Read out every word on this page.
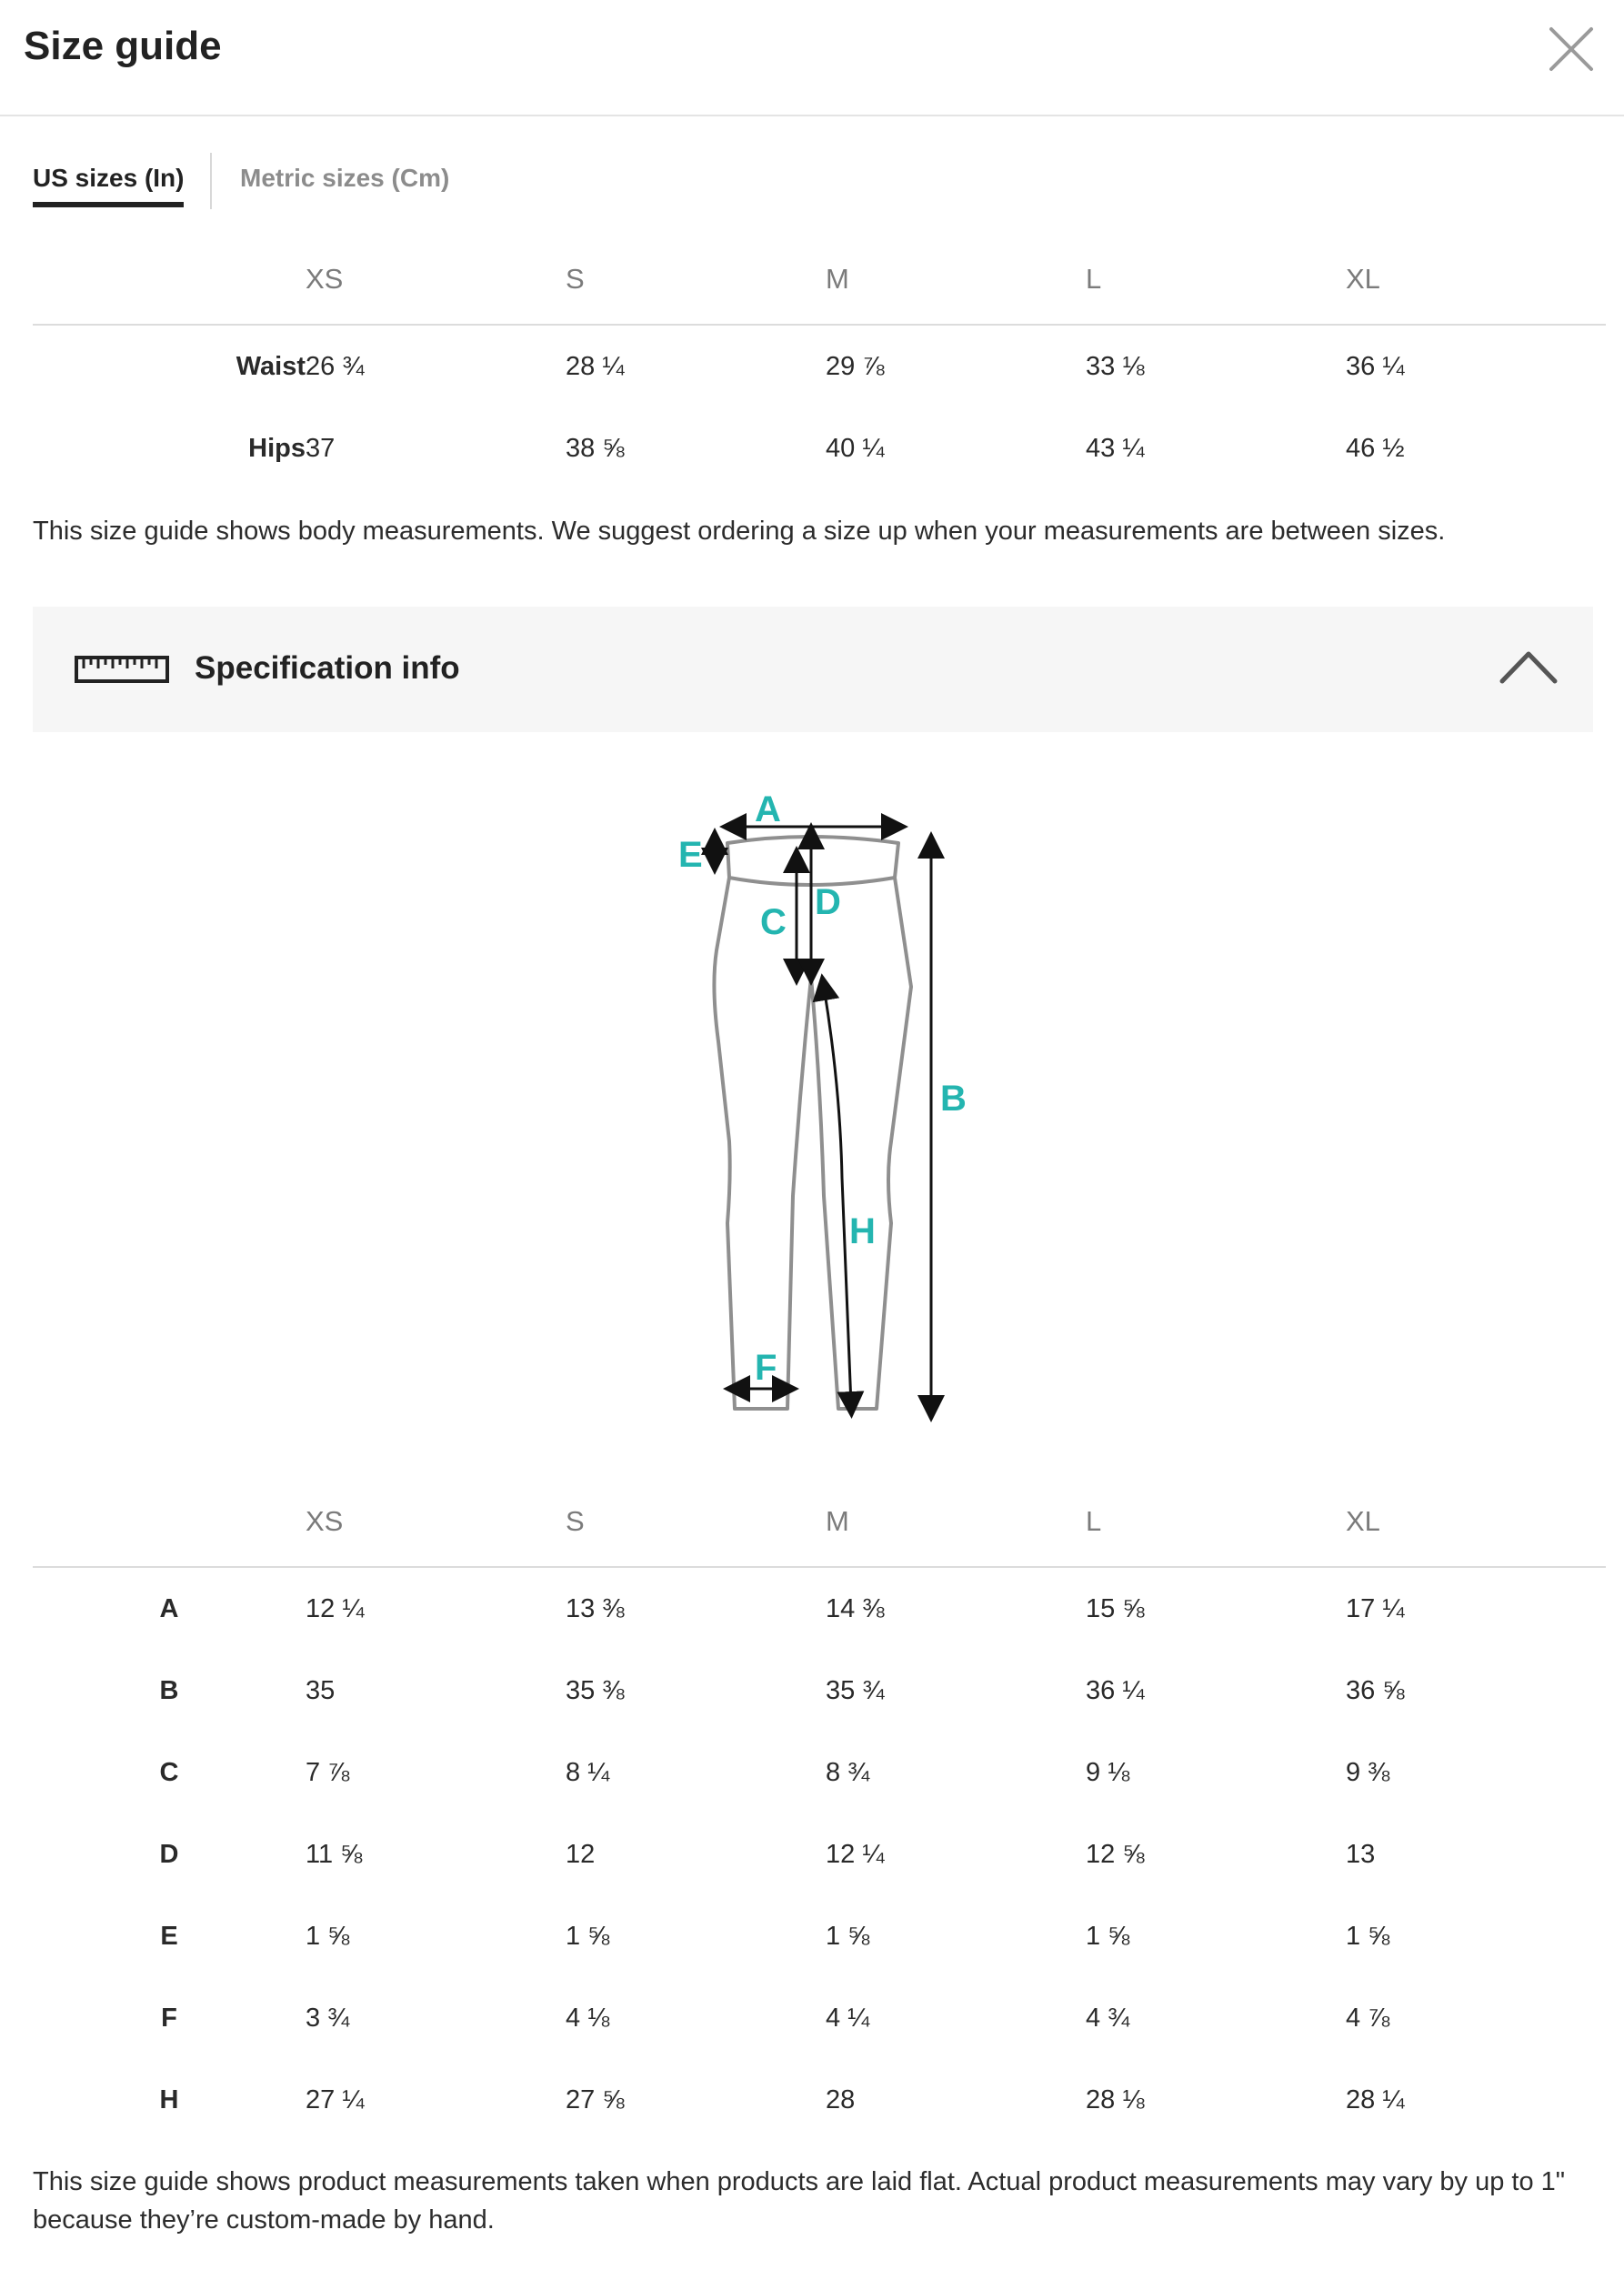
Size guide
US sizes (In) Metric sizes (Cm)
	XS	S	M	L	XL
Waist	26 ¾	28 ¼	29 ⅞	33 ⅛	36 ¼
Hips	37	38 ⅝	40 ¼	43 ¼	46 ½
This size guide shows body measurements. We suggest ordering a size up when your measurements are between sizes.
Specification info
A
B
C D
E
F
H
	XS	S	M	L	XL
A	12 ¼	13 ⅜	14 ⅜	15 ⅝	17 ¼
B	35	35 ⅜	35 ¾	36 ¼	36 ⅝
C	7 ⅞	8 ¼	8 ¾	9 ⅛	9 ⅜
D	11 ⅝	12	12 ¼	12 ⅝	13
E	1 ⅝	1 ⅝	1 ⅝	1 ⅝	1 ⅝
F	3 ¾	4 ⅛	4 ¼	4 ¾	4 ⅞
H	27 ¼	27 ⅝	28	28 ⅛	28 ¼
This size guide shows product measurements taken when products are laid flat. Actual product measurements may vary by up to 1" because they’re custom-made by hand.
